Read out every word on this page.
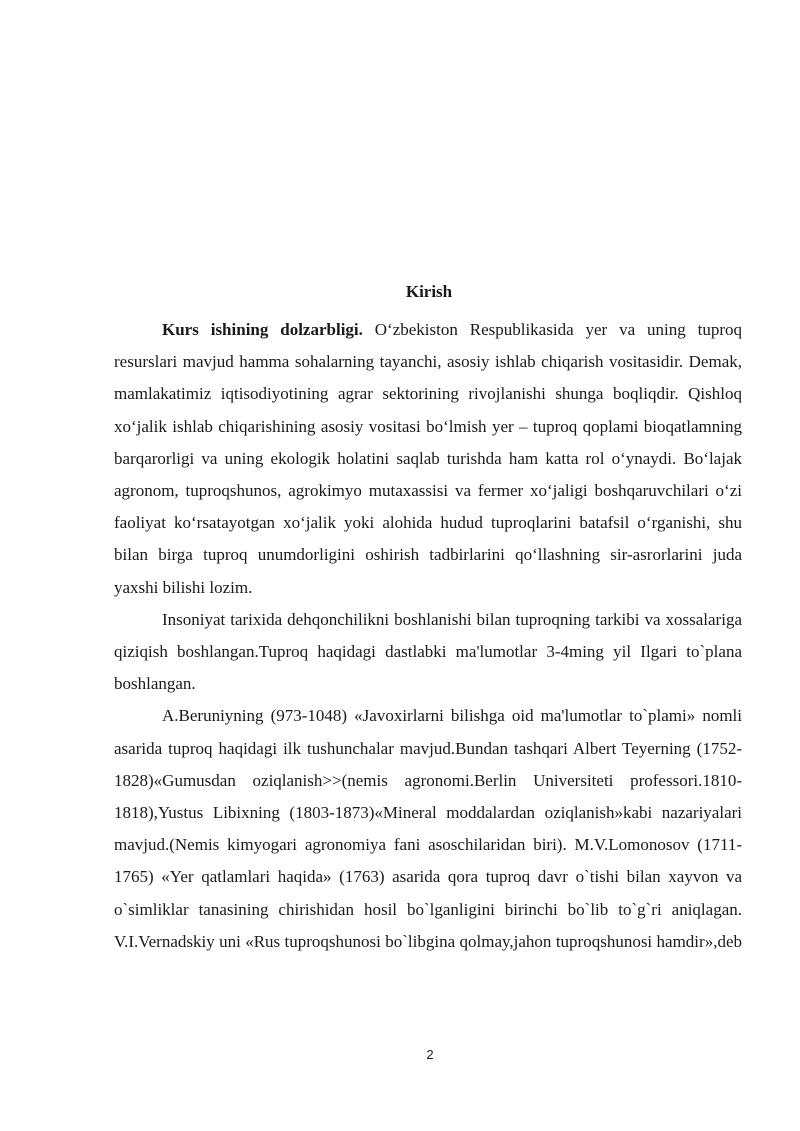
Kirish

Kurs ishining dolzarbligi. O‘zbekiston Respublikasida yer va uning tuproq resurslari mavjud hamma sohalarning tayanchi, asosiy ishlab chiqarish vositasidir. Demak, mamlakatimiz iqtisodiyotining agrar sektorining rivojlanishi shunga boqliqdir. Qishloq xo‘jalik ishlab chiqarishining asosiy vositasi bo‘lmish yer – tuproq qoplami bioqatlamning barqarorligi va uning ekologik holatini saqlab turishda ham katta rol o‘ynaydi. Bo‘lajak agronom, tuproqshunos, agrokimyo mutaxassisi va fermer xo‘jaligi boshqaruvchilari o‘zi faoliyat ko‘rsatayotgan xo‘jalik yoki alohida hudud tuproqlarini batafsil o‘rganishi, shu bilan birga tuproq unumdorligini oshirish tadbirlarini qo‘llashning sir-asrorlarini juda yaxshi bilishi lozim.

Insoniyat tarixida dehqonchilikni boshlanishi bilan tuproqning tarkibi va xossalariga qiziqish boshlangan.Tuproq haqidagi dastlabki ma'lumotlar 3-4ming yil Ilgari to`plana boshlangan.

A.Beruniyning (973-1048) «Javoxirlarni bilishga oid ma'lumotlar to`plami» nomli asarida tuproq haqidagi ilk tushunchalar mavjud.Bundan tashqari Albert Teyerning (1752-1828)«Gumusdan oziqlanish>>(nemis agronomi.Berlin Universiteti professori.1810-1818),Yustus Libixning (1803-1873)«Mineral moddalardan oziqlanish»kabi nazariyalari mavjud.(Nemis kimyogari agronomiya fani asoschilaridan biri). M.V.Lomonosov (1711-1765) «Yer qatlamlari haqida» (1763) asarida qora tuproq davr o`tishi bilan xayvon va o`simliklar tanasining chirishidan hosil bo`lganligini birinchi bo`lib to`g`ri aniqlagan. V.I.Vernadskiy uni «Rus tuproqshunosi bo`libgina qolmay,jahon tuproqshunosi hamdir»,deb

2
